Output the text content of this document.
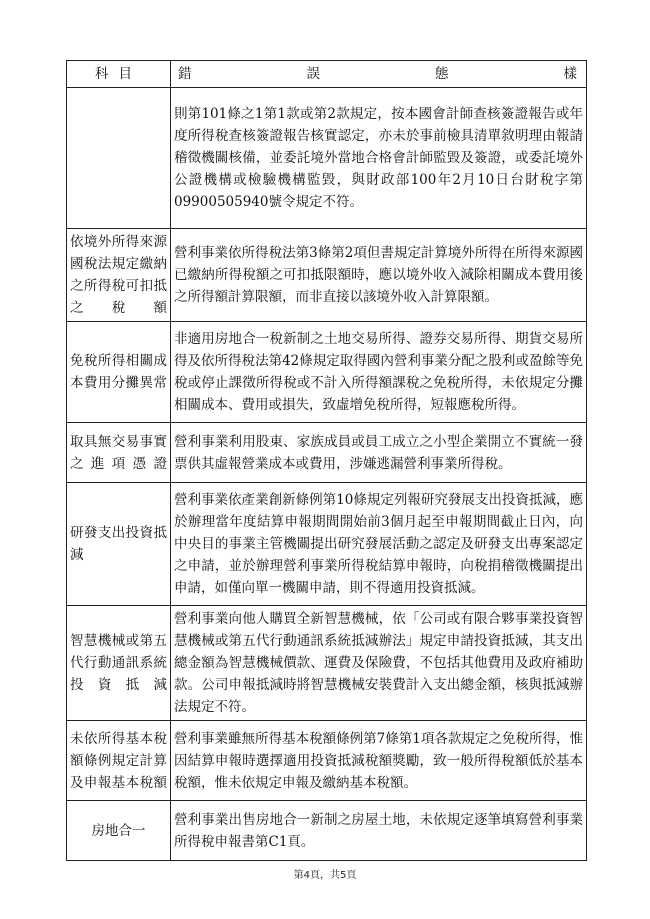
科目	錯 誤 態 樣

	則第101條之1第1款或第2款規定，按本國會計師查核簽證報告或年度所得稅查核簽證報告核實認定，亦未於事前檢具清單敘明理由報請稽徵機關核備，並委託境外當地合格會計師監毀及簽證，或委託境外公證機構或檢驗機構監毀，與財政部100年2月10日台財稅字第09900505940號令規定不符。
依境外所得來源國稅法規定繳納之所得稅可扣抵之稅額	營利事業依所得稅法第3條第2項但書規定計算境外所得在所得來源國已繳納所得稅額之可扣抵限額時，應以境外收入減除相關成本費用後之所得額計算限額，而非直接以該境外收入計算限額。
免稅所得相關成本費用分攤異常	非適用房地合一稅新制之土地交易所得、證券交易所得、期貨交易所得及依所得稅法第42條規定取得國內營利事業分配之股利或盈餘等免稅或停止課徵所得稅或不計入所得額課稅之免稅所得，未依規定分攤相關成本、費用或損失，致虛增免稅所得，短報應稅所得。
取具無交易事實之進項憑證	營利事業利用股東、家族成員或員工成立之小型企業開立不實統一發票供其虛報營業成本或費用，涉嫌逃漏營利事業所得稅。
研發支出投資抵減	營利事業依產業創新條例第10條規定列報研究發展支出投資抵減，應於辦理當年度結算申報期間開始前3個月起至申報期間截止日內，向中央目的事業主管機關提出研究發展活動之認定及研發支出專案認定之申請，並於辦理營利事業所得稅結算申報時，向稅捐稽徵機關提出申請，如僅向單一機關申請，則不得適用投資抵減。
智慧機械或第五代行動通訊系統投資抵減	營利事業向他人購買全新智慧機械，依「公司或有限合夥事業投資智慧機械或第五代行動通訊系統抵減辦法」規定申請投資抵減，其支出總金額為智慧機械價款、運費及保險費，不包括其他費用及政府補助款。公司申報抵減時將智慧機械安裝費計入支出總金額，核與抵減辦法規定不符。
未依所得基本稅額條例規定計算及申報基本稅額	營利事業雖無所得基本稅額條例第7條第1項各款規定之免稅所得，惟因結算申報時選擇適用投資抵減稅額獎勵，致一般所得稅額低於基本稅額，惟未依規定申報及繳納基本稅額。
房地合一	營利事業出售房地合一新制之房屋土地，未依規定逐筆填寫營利事業所得稅申報書第C1頁。
第4頁，共5頁
